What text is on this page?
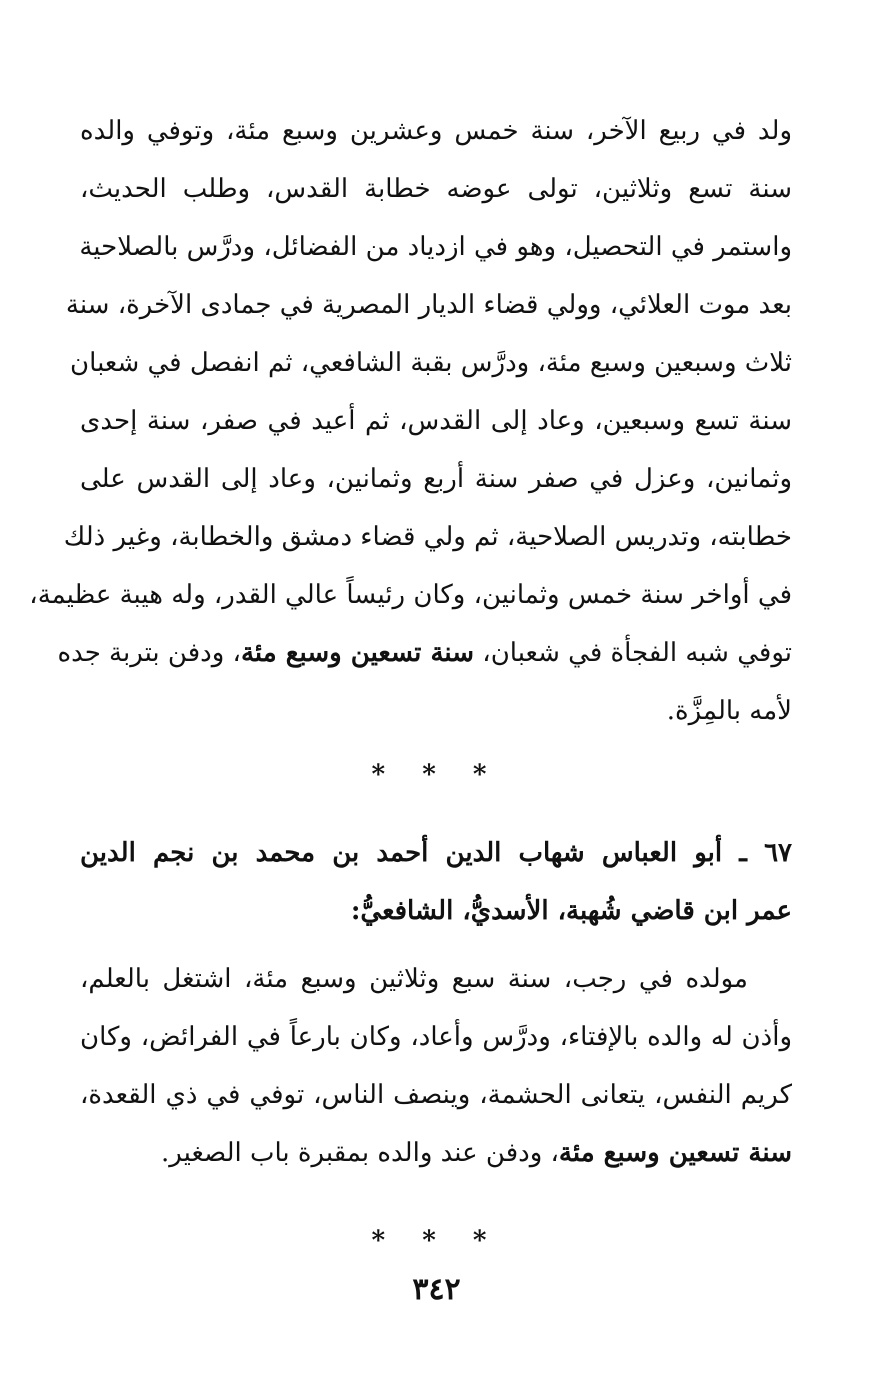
ولد في ربيع الآخر، سنة خمس وعشرين وسبع مئة، وتوفي والده
سنة تسع وثلاثين، تولى عوضه خطابة القدس، وطلب الحديث،
واستمر في التحصيل، وهو في ازدياد من الفضائل، ودرَّس بالصلاحية
بعد موت العلائي، وولي قضاء الديار المصرية في جمادى الآخرة، سنة
ثلاث وسبعين وسبع مئة، ودرَّس بقبة الشافعي، ثم انفصل في شعبان
سنة تسع وسبعين، وعاد إلى القدس، ثم أعيد في صفر، سنة إحدى
وثمانين، وعزل في صفر سنة أربع وثمانين، وعاد إلى القدس على
خطابته، وتدريس الصلاحية، ثم ولي قضاء دمشق والخطابة، وغير ذلك
في أواخر سنة خمس وثمانين، وكان رئيساً عالي القدر، وله هيبة عظيمة،
توفي شبه الفجأة في شعبان، سنة تسعين وسبع مئة، ودفن بتربة جده
لأمه بالمِزَّة.
* * *
٦٧ ـ أبو العباس شهاب الدين أحمد بن محمد بن نجم الدين
عمر ابن قاضي شُهبة، الأسديُّ، الشافعيُّ:
مولده في رجب، سنة سبع وثلاثين وسبع مئة، اشتغل بالعلم،
وأذن له والده بالإفتاء، ودرَّس وأعاد، وكان بارعاً في الفرائض، وكان
كريم النفس، يتعانى الحشمة، وينصف الناس، توفي في ذي القعدة،
سنة تسعين وسبع مئة، ودفن عند والده بمقبرة باب الصغير.
* * *
٣٤٢
